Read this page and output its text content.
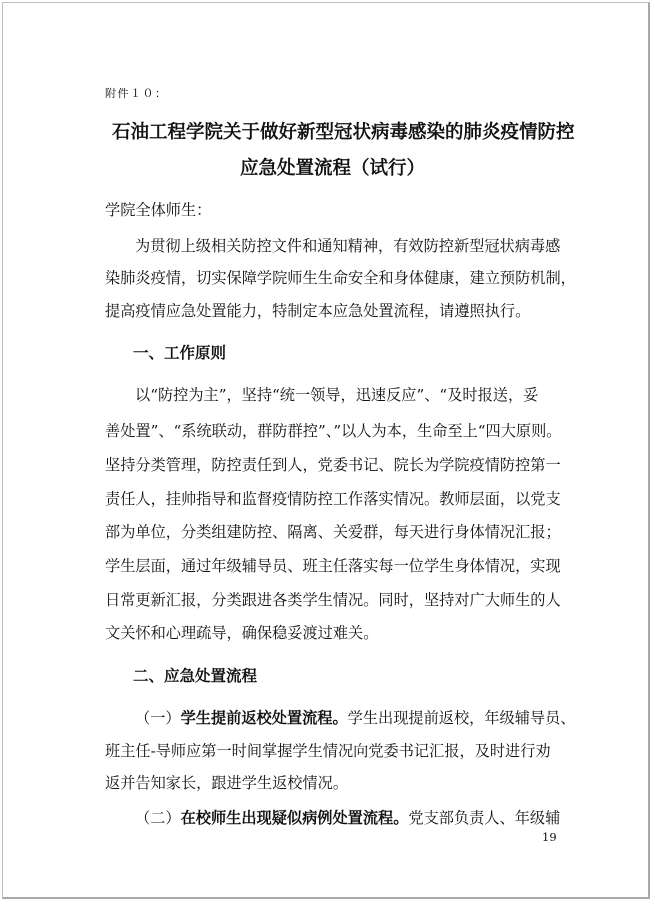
附件１０：
石油工程学院关于做好新型冠状病毒感染的肺炎疫情防控
应急处置流程（试行）
学院全体师生：
为贯彻上级相关防控文件和通知精神，有效防控新型冠状病毒感
染肺炎疫情，切实保障学院师生生命安全和身体健康，建立预防机制，
提高疫情应急处置能力，特制定本应急处置流程，请遵照执行。
一、工作原则
以“防控为主”，坚持“统一领导，迅速反应”、“及时报送，妥
善处置”、“系统联动，群防群控”、”以人为本，生命至上“四大原则。
坚持分类管理，防控责任到人，党委书记、院长为学院疫情防控第一
责任人，挂帅指导和监督疫情防控工作落实情况。教师层面，以党支
部为单位，分类组建防控、隔离、关爱群，每天进行身体情况汇报；
学生层面，通过年级辅导员、班主任落实每一位学生身体情况，实现
日常更新汇报，分类跟进各类学生情况。同时，坚持对广大师生的人
文关怀和心理疏导，确保稳妥渡过难关。
二、应急处置流程
（一）学生提前返校处置流程。学生出现提前返校，年级辅导员、
班主任-导师应第一时间掌握学生情况向党委书记汇报，及时进行劝
返并告知家长，跟进学生返校情况。
（二）在校师生出现疑似病例处置流程。党支部负责人、年级辅
19
